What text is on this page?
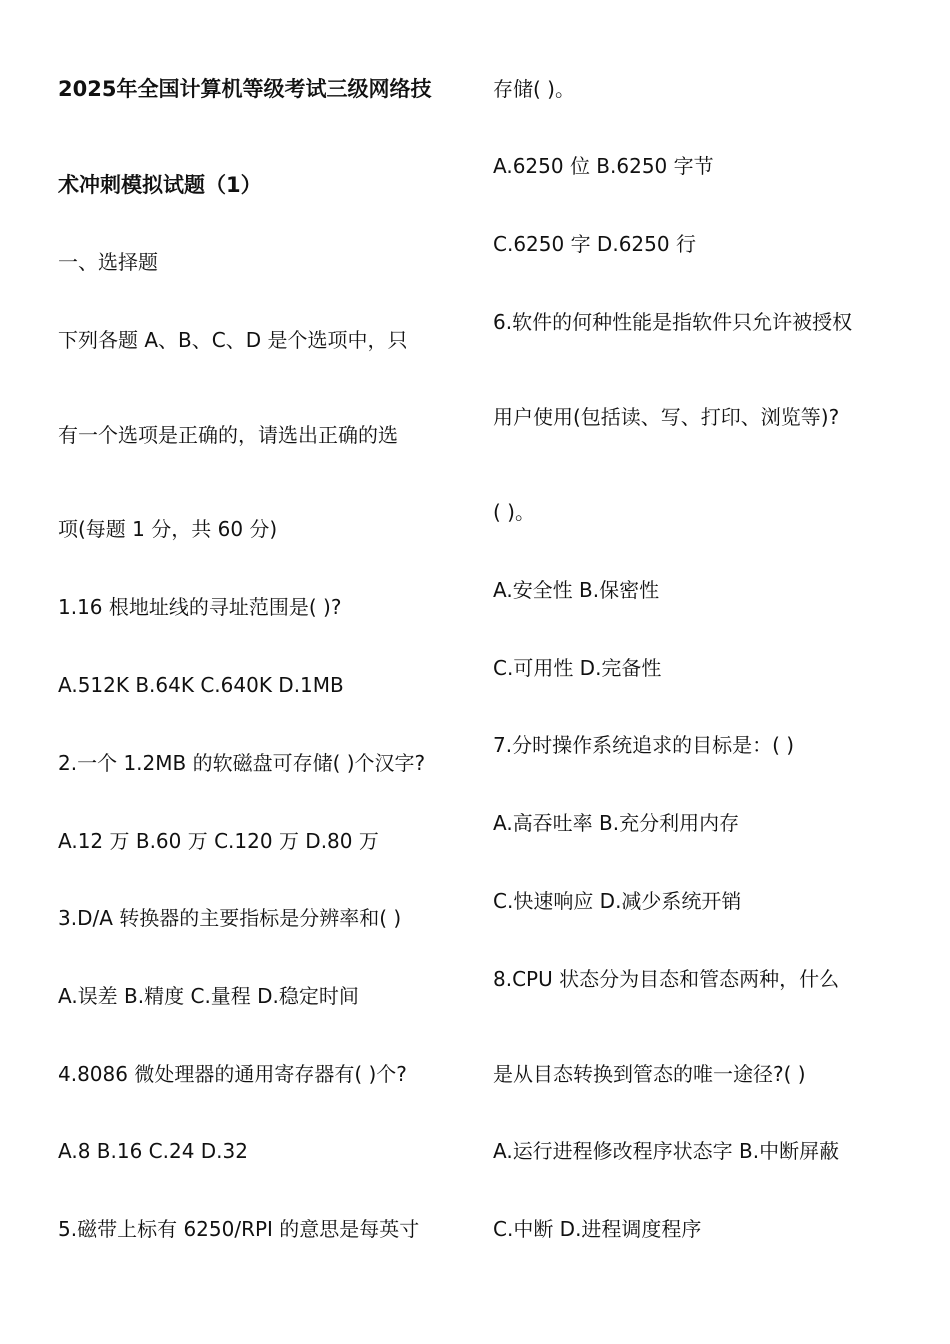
2025年全国计算机等级考试三级网络技
术冲刺模拟试题（1）
一、选择题
下列各题 A、B、C、D 是个选项中，只
有一个选项是正确的，请选出正确的选
项(每题 1 分，共 60 分)
1.16 根地址线的寻址范围是( )?
A.512K B.64K C.640K D.1MB
2.一个 1.2MB 的软磁盘可存储( )个汉字?
A.12 万 B.60 万 C.120 万 D.80 万
3.D/A 转换器的主要指标是分辨率和( )
A.误差 B.精度 C.量程 D.稳定时间
4.8086 微处理器的通用寄存器有( )个?
A.8 B.16 C.24 D.32
5.磁带上标有 6250/RPI 的意思是每英寸
存储( )。
A.6250 位 B.6250 字节
C.6250 字 D.6250 行
6.软件的何种性能是指软件只允许被授权
用户使用(包括读、写、打印、浏览等)?
( )。
A.安全性 B.保密性
C.可用性 D.完备性
7.分时操作系统追求的目标是：( )
A.高吞吐率 B.充分利用内存
C.快速响应 D.减少系统开销
8.CPU 状态分为目态和管态两种，什么
是从目态转换到管态的唯一途径?( )
A.运行进程修改程序状态字 B.中断屏蔽
C.中断 D.进程调度程序
